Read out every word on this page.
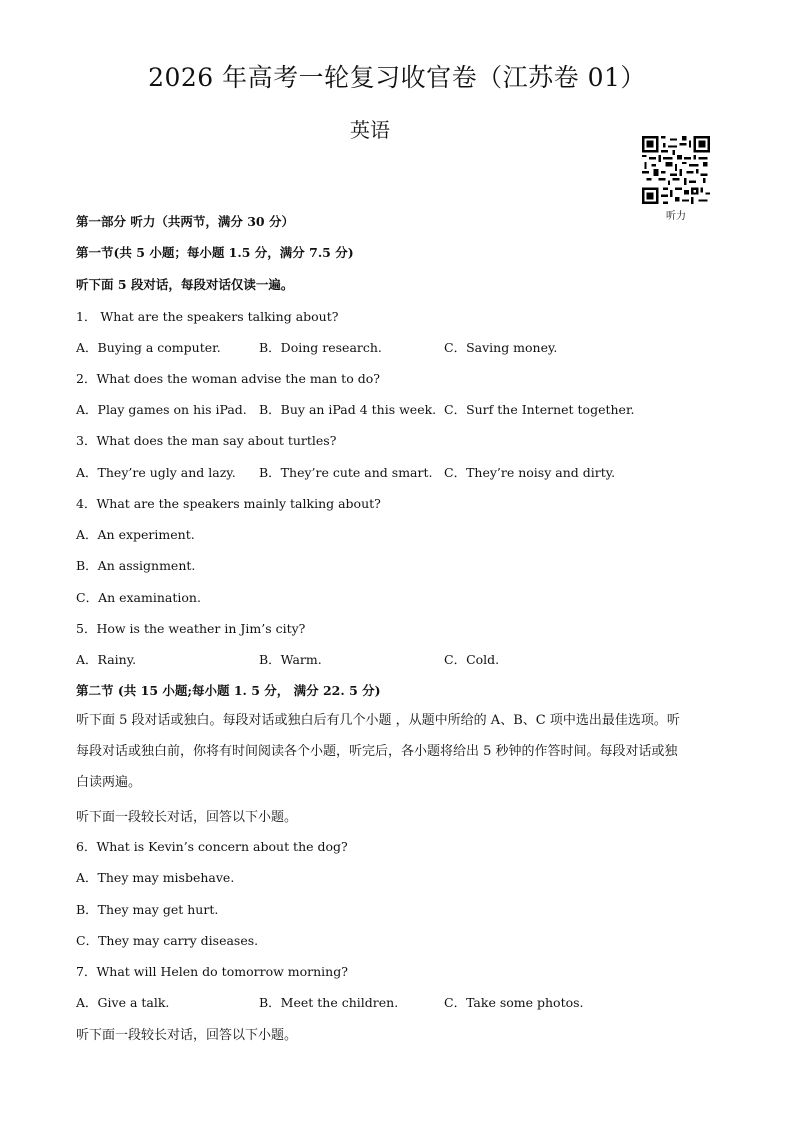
2026 年高考一轮复习收官卷（江苏卷 01）
英语
听力
第一部分 听力（共两节，满分 30 分）
第一节(共 5 小题；每小题 1.5 分，满分 7.5 分)
听下面 5 段对话，每段对话仅读一遍。
1． What are the speakers talking about?
A．Buying a computer.	B．Doing research.	C．Saving money.
2．What does the woman advise the man to do?
A．Play games on his iPad. B．Buy an iPad 4 this week. C．Surf the Internet together.
3．What does the man say about turtles?
A．They’re ugly and lazy. B．They’re cute and smart. C．They’re noisy and dirty.
4．What are the speakers mainly talking about?
A．An experiment.
B．An assignment.
C．An examination.
5．How is the weather in Jim’s city?
A．Rainy.	B．Warm.	C．Cold.
第二节 (共 15 小题;每小题 1. 5 分， 满分 22. 5 分)
听下面 5 段对话或独白。每段对话或独白后有几个小题 ，从题中所给的 A、B、C 项中选出最佳选项。听
每段对话或独白前，你将有时间阅读各个小题，听完后，各小题将给出 5 秒钟的作答时间。每段对话或独
白读两遍。
听下面一段较长对话，回答以下小题。
6．What is Kevin’s concern about the dog?
A．They may misbehave.
B．They may get hurt.
C．They may carry diseases.
7．What will Helen do tomorrow morning?
A．Give a talk.	B．Meet the children.	C．Take some photos.
听下面一段较长对话，回答以下小题。
